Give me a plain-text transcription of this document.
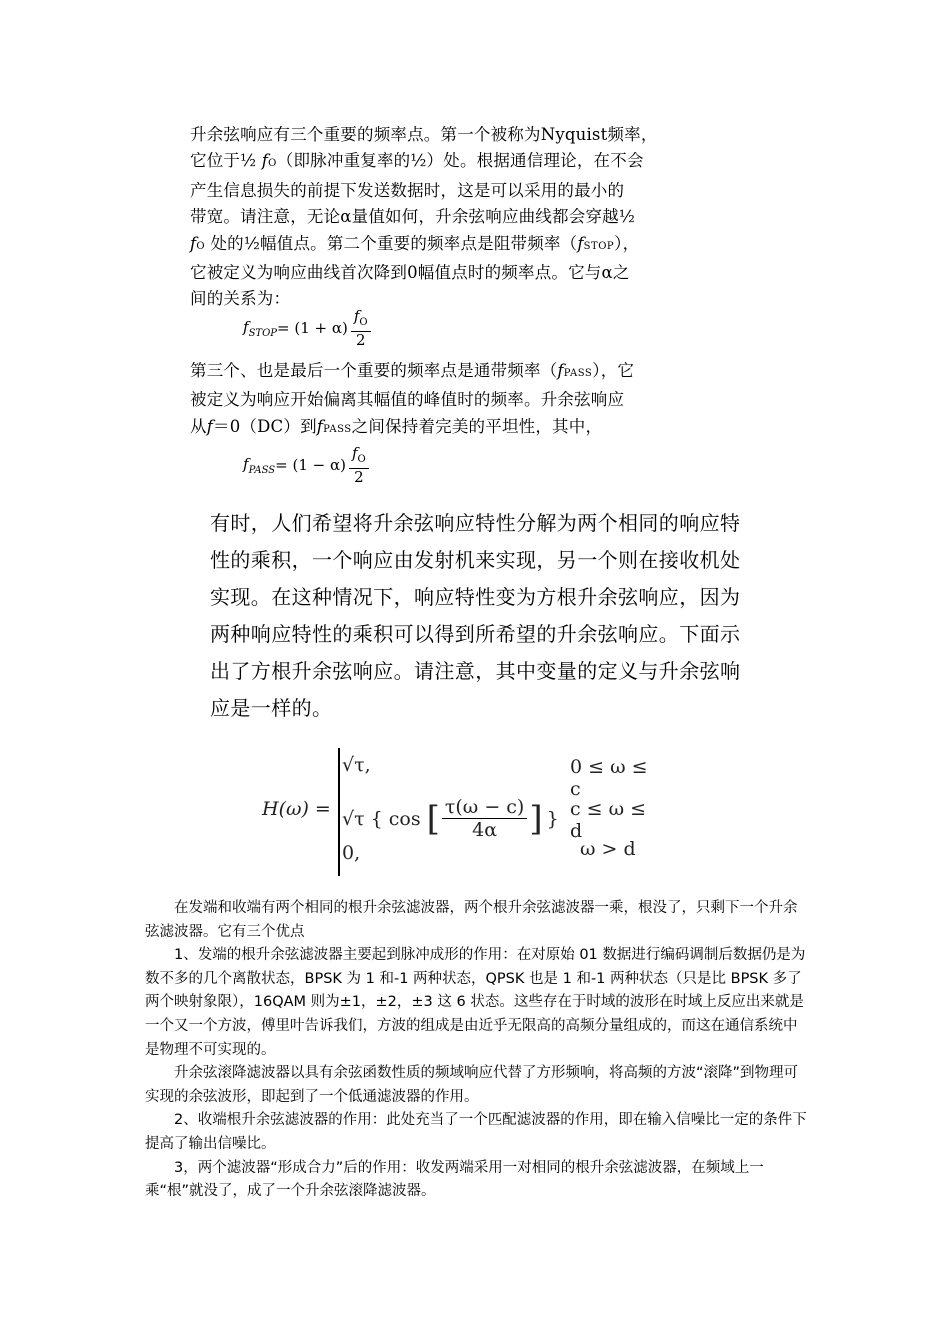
升余弦响应有三个重要的频率点。第一个被称为Nyquist频率，

它位于½ fO（即脉冲重复率的½）处。根据通信理论，在不会

产生信息损失的前提下发送数据时，这是可以采用的最小的

带宽。请注意，无论α量值如何，升余弦响应曲线都会穿越½

fO 处的½幅值点。第二个重要的频率点是阻带频率（fSTOP），

它被定义为响应曲线首次降到0幅值点时的频率点。它与α之

间的关系为：

$f_{STOP} = (1 + \alpha) \frac{f_O}{2}$

第三个、也是最后一个重要的频率点是通带频率（fPASS），它

被定义为响应开始偏离其幅值的峰值时的频率。升余弦响应

从f＝0（DC）到fPASS之间保持着完美的平坦性，其中，

$f_{PASS} = (1 - \alpha) \frac{f_O}{2}$

有时，人们希望将升余弦响应特性分解为两个相同的响应特

性的乘积，一个响应由发射机来实现，另一个则在接收机处

实现。在这种情况下，响应特性变为方根升余弦响应，因为

两种响应特性的乘积可以得到所希望的升余弦响应。下面示

出了方根升余弦响应。请注意，其中变量的定义与升余弦响

应是一样的。

H(ω) =
√τ,
√τ { cos [ $\frac{\tau(\omega - c)}{4\alpha}$ ] }
0,
0 ≤ ω ≤ c
c ≤ ω ≤ d
ω > d

在发端和收端有两个相同的根升余弦滤波器，两个根升余弦滤波器一乘，根没了，只剩下一个升余弦滤波器。它有三个优点

1、发端的根升余弦滤波器主要起到脉冲成形的作用：在对原始 01 数据进行编码调制后数据仍是为数不多的几个离散状态，BPSK 为 1 和-1 两种状态，QPSK 也是 1 和-1 两种状态（只是比 BPSK 多了两个映射象限），16QAM 则为±1，±2，±3 这 6 状态。这些存在于时域的波形在时域上反应出来就是一个又一个方波，傅里叶告诉我们，方波的组成是由近乎无限高的高频分量组成的，而这在通信系统中是物理不可实现的。

升余弦滚降滤波器以具有余弦函数性质的频域响应代替了方形频响，将高频的方波“滚降”到物理可实现的余弦波形，即起到了一个低通滤波器的作用。

2、收端根升余弦滤波器的作用：此处充当了一个匹配滤波器的作用，即在输入信噪比一定的条件下提高了输出信噪比。

3，两个滤波器“形成合力”后的作用：收发两端采用一对相同的根升余弦滤波器，在频域上一乘“根”就没了，成了一个升余弦滚降滤波器。
